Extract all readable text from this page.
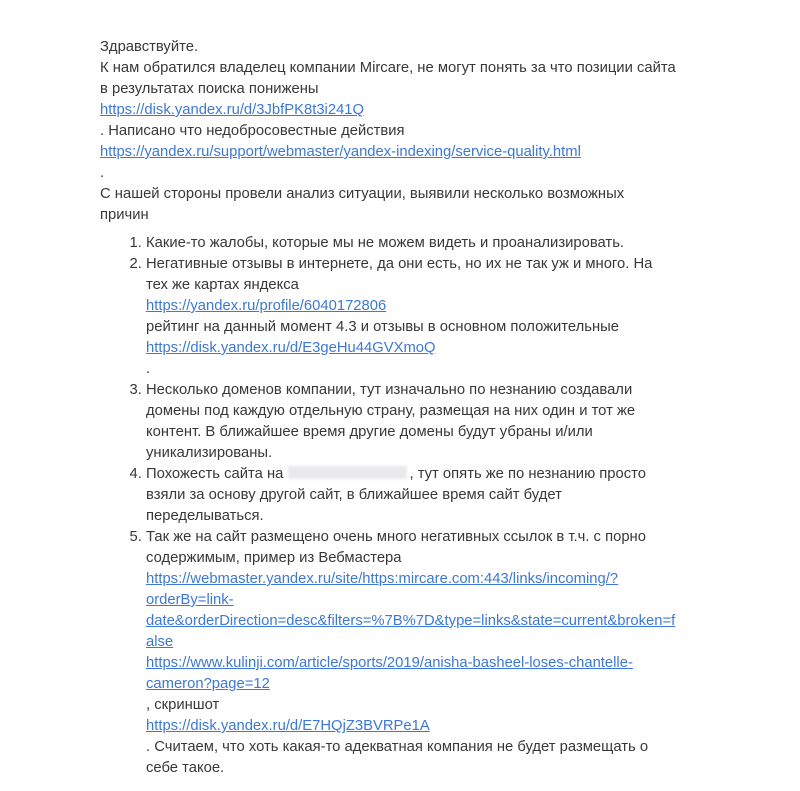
Здравствуйте.
К нам обратился владелец компании Mircare, не могут понять за что позиции сайта в результатах поиска понижены
https://disk.yandex.ru/d/3JbfPK8t3i241Q
. Написано что недобросовестные действия
https://yandex.ru/support/webmaster/yandex-indexing/service-quality.html
.
С нашей стороны провели анализ ситуации, выявили несколько возможных причин

1. Какие-то жалобы, которые мы не можем видеть и проанализировать.
2. Негативные отзывы в интернете, да они есть, но их не так уж и много. На тех же картах яндекса
https://yandex.ru/profile/6040172806
рейтинг на данный момент 4.3 и отзывы в основном положительные
https://disk.yandex.ru/d/E3geHu44GVXmoQ
.
3. Несколько доменов компании, тут изначально по незнанию создавали домены под каждую отдельную страну, размещая на них один и тот же контент. В ближайшее время другие домены будут убраны и/или уникализированы.
4. Похожесть сайта на	, тут опять же по незнанию просто взяли за основу другой сайт, в ближайшее время сайт будет переделываться.
5. Так же на сайт размещено очень много негативных ссылок в т.ч. с порно содержимым, пример из Вебмастера
https://webmaster.yandex.ru/site/https:mircare.com:443/links/incoming/?orderBy=link-date&orderDirection=desc&filters=%7B%7D&type=links&state=current&broken=false
https://www.kulinji.com/article/sports/2019/anisha-basheel-loses-chantelle-cameron?page=12
, скриншот
https://disk.yandex.ru/d/E7HQjZ3BVRPe1A
. Считаем, что хоть какая-то адекватная компания не будет размещать о себе такое.
